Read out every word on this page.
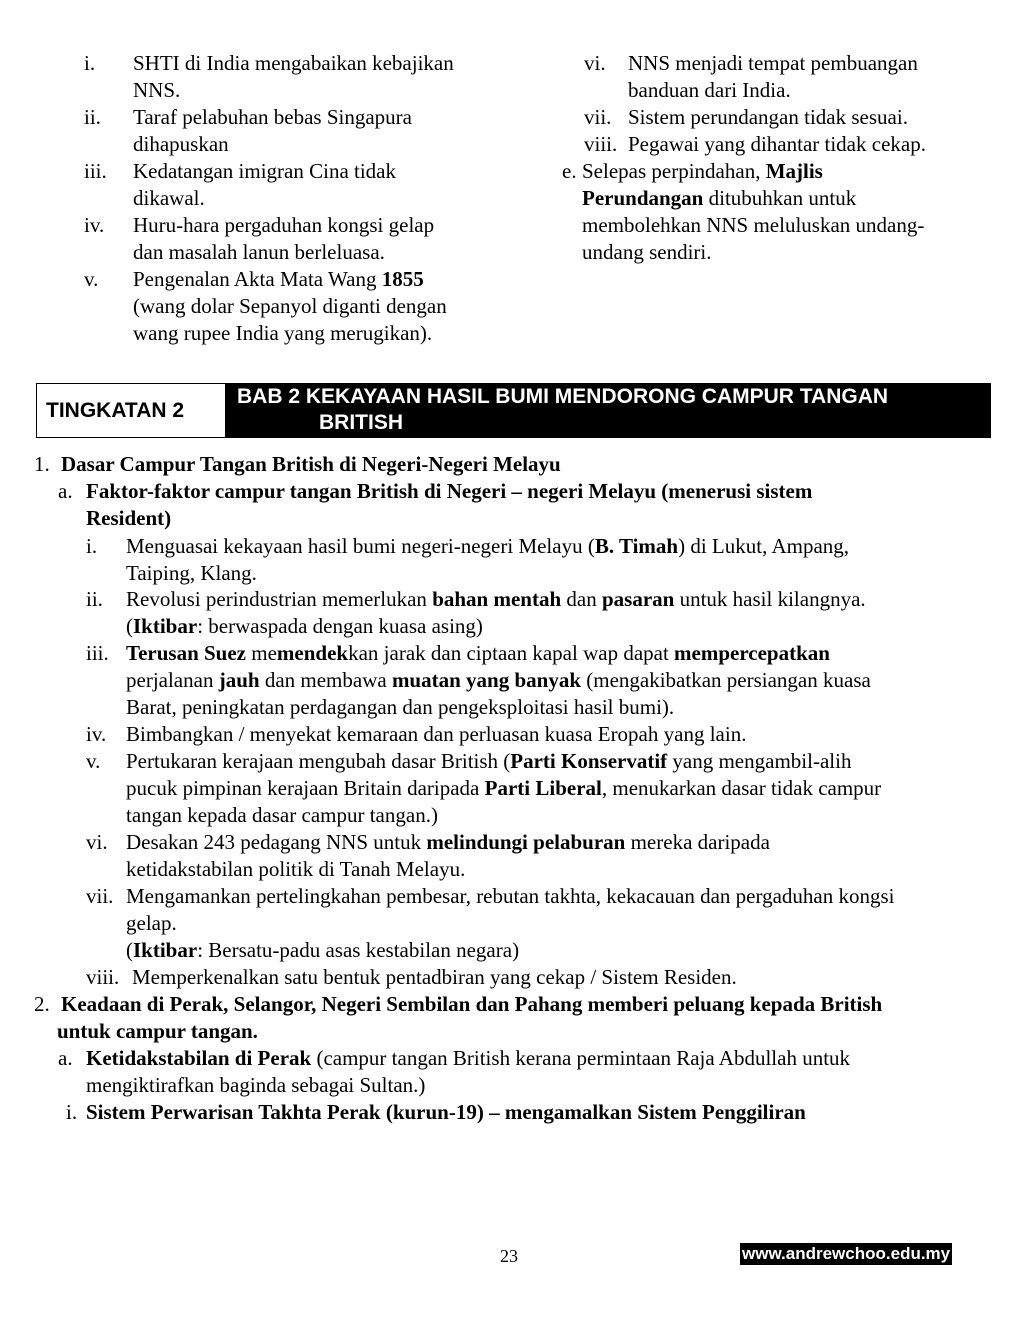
i. SHTI di India mengabaikan kebajikan
NNS.
ii. Taraf pelabuhan bebas Singapura
dihapuskan
iii. Kedatangan imigran Cina tidak
dikawal.
iv. Huru-hara pergaduhan kongsi gelap
dan masalah lanun berleluasa.
v. Pengenalan Akta Mata Wang 1855
(wang dolar Sepanyol diganti dengan
wang rupee India yang merugikan).
vi. NNS menjadi tempat pembuangan
banduan dari India.
vii. Sistem perundangan tidak sesuai.
viii. Pegawai yang dihantar tidak cekap.
e. Selepas perpindahan, Majlis
Perundangan ditubuhkan untuk
membolehkan NNS meluluskan undang-
undang sendiri.
TINGKATAN 2
BAB 2 KEKAYAAN HASIL BUMI MENDORONG CAMPUR TANGAN
BRITISH
1. Dasar Campur Tangan British di Negeri-Negeri Melayu
a. Faktor-faktor campur tangan British di Negeri – negeri Melayu (menerusi sistem
Resident)
i. Menguasai kekayaan hasil bumi negeri-negeri Melayu (B. Timah) di Lukut, Ampang,
Taiping, Klang.
ii. Revolusi perindustrian memerlukan bahan mentah dan pasaran untuk hasil kilangnya.
(Iktibar: berwaspada dengan kuasa asing)
iii. Terusan Suez memendekkan jarak dan ciptaan kapal wap dapat mempercepatkan
perjalanan jauh dan membawa muatan yang banyak (mengakibatkan persiangan kuasa
Barat, peningkatan perdagangan dan pengeksploitasi hasil bumi).
iv. Bimbangkan / menyekat kemaraan dan perluasan kuasa Eropah yang lain.
v. Pertukaran kerajaan mengubah dasar British (Parti Konservatif yang mengambil-alih
pucuk pimpinan kerajaan Britain daripada Parti Liberal, menukarkan dasar tidak campur
tangan kepada dasar campur tangan.)
vi. Desakan 243 pedagang NNS untuk melindungi pelaburan mereka daripada
ketidakstabilan politik di Tanah Melayu.
vii. Mengamankan pertelingkahan pembesar, rebutan takhta, kekacauan dan pergaduhan kongsi
gelap.
(Iktibar: Bersatu-padu asas kestabilan negara)
viii. Memperkenalkan satu bentuk pentadbiran yang cekap / Sistem Residen.
2. Keadaan di Perak, Selangor, Negeri Sembilan dan Pahang memberi peluang kepada British
untuk campur tangan.
a. Ketidakstabilan di Perak (campur tangan British kerana permintaan Raja Abdullah untuk
mengiktirafkan baginda sebagai Sultan.)
i. Sistem Perwarisan Takhta Perak (kurun-19) – mengamalkan Sistem Penggiliran
23	www.andrewchoo.edu.my
